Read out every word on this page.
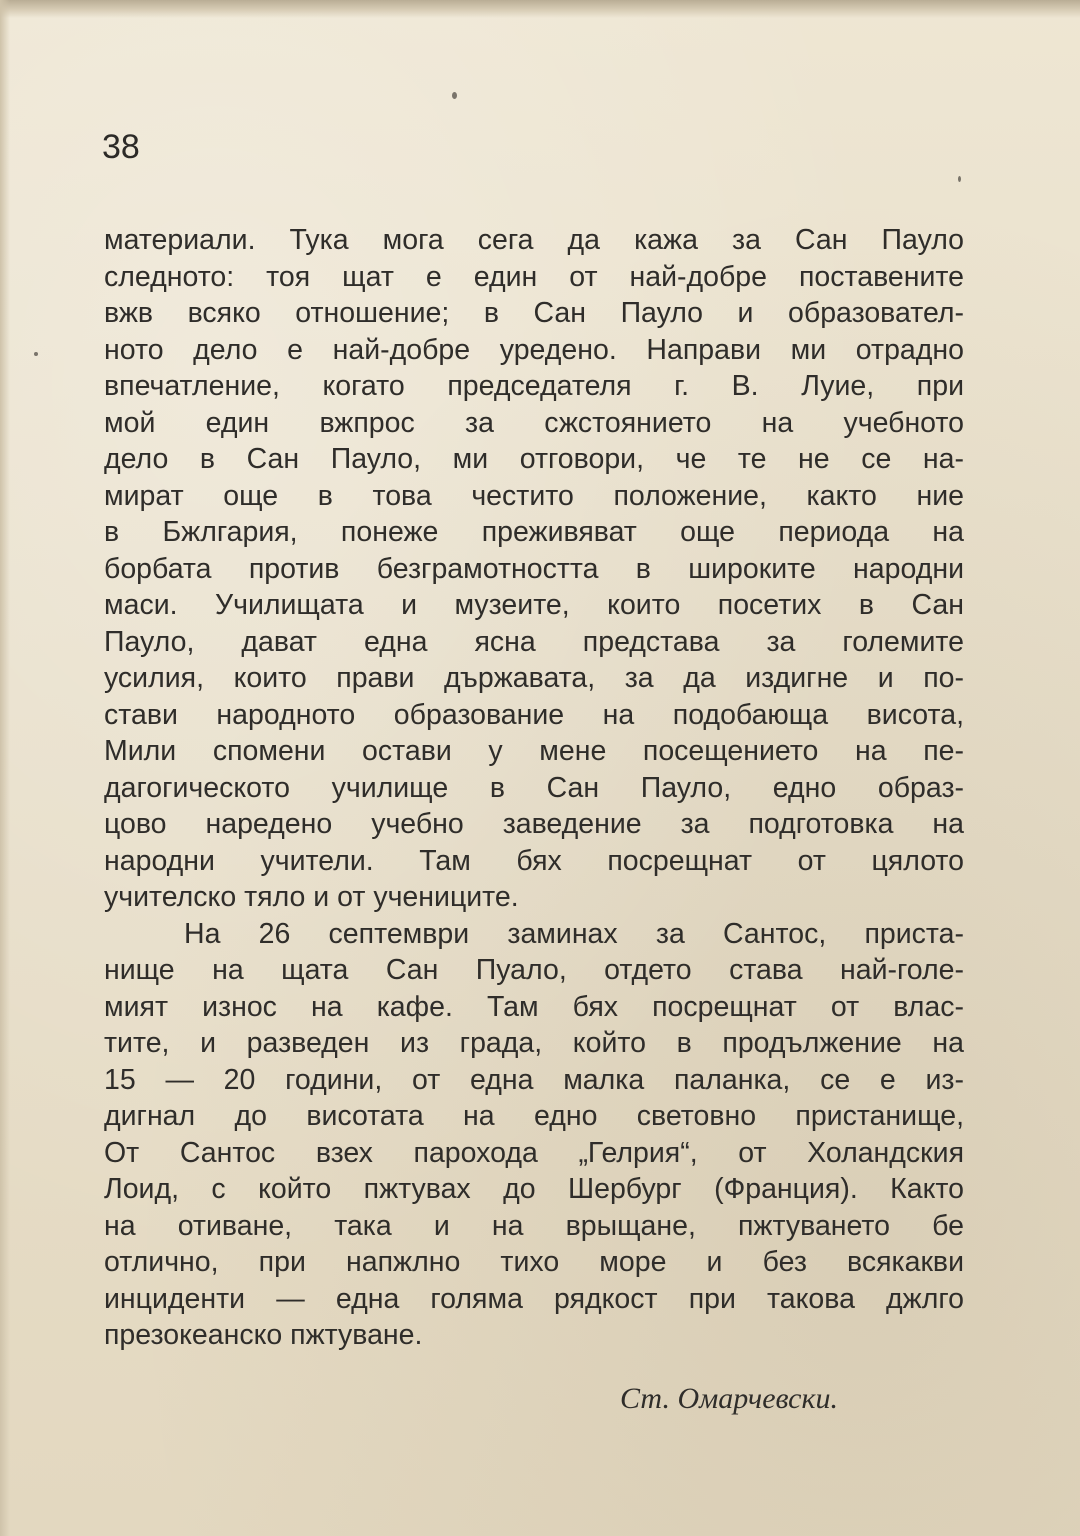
38
материали. Тука мога сега да кажа за Сан Пауло
следното: тоя щат е един от най-добре поставените
вжв всяко отношение; в Сан Пауло и образовател-
ното дело е най-добре уредено. Направи ми отрадно
впечатление, когато председателя г. В. Луие, при
мой един вжпрос за сжстоянието на учебното
дело в Сан Пауло, ми отговори, че те не се на-
мират още в това честито положение, както ние
в Бжлгария, понеже преживяват още периода на
борбата против безграмотността в широките народни
маси. Училищата и музеите, които посетих в Сан
Пауло, дават една ясна представа за големите
усилия, които прави държавата, за да издигне и по-
стави народното образование на подобающа висота,
Мили спомени остави у мене посещението на пе-
дагогическото училище в Сан Пауло, едно образ-
цово наредено учебно заведение за подготовка на
народни учители. Там бях посрещнат от цялото
учителско тяло и от учениците.
На 26 септември заминах за Сантос, приста-
нище на щата Сан Пуало, отдето става най-голе-
мият износ на кафе. Там бях посрещнат от влас-
тите, и разведен из града, който в продължение на
15 — 20 години, от една малка паланка, се е из-
дигнал до висотата на едно световно пристанище,
От Сантос взех парохода „Гелрия“, от Холандския
Лоид, с който пжтувах до Шербург (Франция). Както
на отиване, така и на врыщане, пжтуването бе
отлично, при напжлно тихо море и без всякакви
инциденти — една голяма рядкост при такова джлго
презокеанско пжтуване.
Ст. Омарчевски.
